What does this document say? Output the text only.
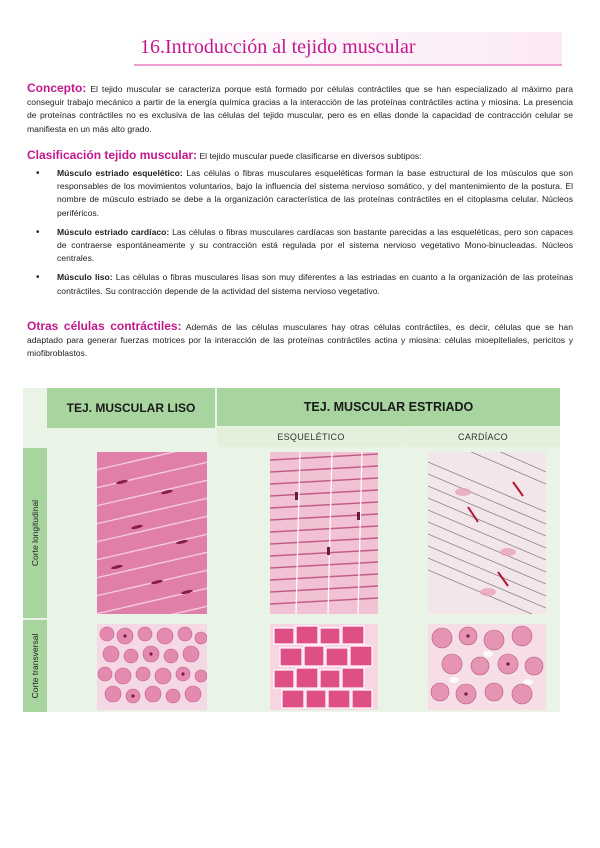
16.Introducción al tejido muscular

Concepto: El tejido muscular se caracteriza porque está formado por células contráctiles que se han especializado al máximo para conseguir trabajo mecánico a partir de la energía química gracias a la interacción de las proteínas contráctiles actina y miosina. La presencia de proteínas contráctiles no es exclusiva de las células del tejido muscular, pero es en ellas donde la capacidad de contracción celular se manifiesta en un más alto grado.

Clasificación tejido muscular: El tejido muscular puede clasificarse en diversos subtipos:

• Músculo estriado esquelético: Las células o fibras musculares esqueléticas forman la base estructural de los músculos que son responsables de los movimientos voluntarios, bajo la influencia del sistema nervioso somático, y del mantenimiento de la postura. El nombre de músculo estriado se debe a la organización característica de las proteínas contráctiles en el citoplasma celular. Núcleos periféricos.
• Músculo estriado cardíaco: Las células o fibras musculares cardíacas son bastante parecidas a las esqueléticas, pero son capaces de contraerse espontáneamente y su contracción está regulada por el sistema nervioso vegetativo Mono-binucleadas. Núcleos centrales.
• Músculo liso: Las células o fibras musculares lisas son muy diferentes a las estriadas en cuanto a la organización de las proteínas contráctiles. Su contracción depende de la actividad del sistema nervioso vegetativo.

Otras células contráctiles: Además de las células musculares hay otras células contráctiles, es decir, células que se han adaptado para generar fuerzas motrices por la interacción de las proteínas contráctiles actina y miosina: células mioepiteliales, pericitos y miofibroblastos.

TEJ. MUSCULAR LISO	TEJ. MUSCULAR ESTRIADO
ESQUELÉTICO	CARDÍACO
Corte longitudinal
Corte transversal
